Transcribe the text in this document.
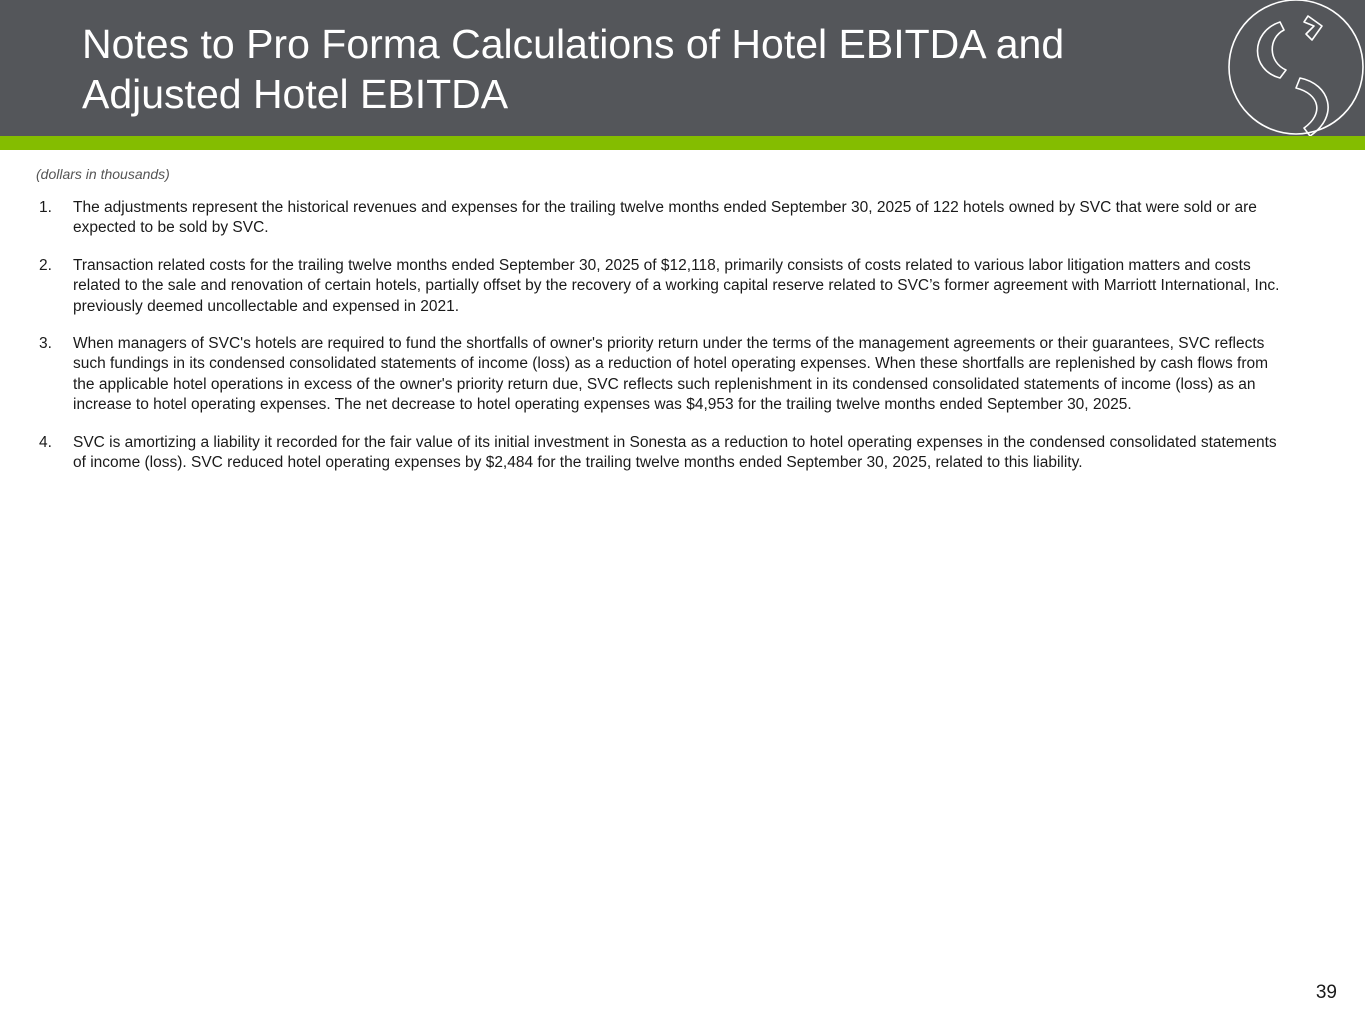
Notes to Pro Forma Calculations of Hotel EBITDA and
Adjusted Hotel EBITDA
(dollars in thousands)
1. The adjustments represent the historical revenues and expenses for the trailing twelve months ended September 30, 2025 of 122 hotels owned by SVC that were sold or are expected to be sold by SVC.
2. Transaction related costs for the trailing twelve months ended September 30, 2025 of $12,118, primarily consists of costs related to various labor litigation matters and costs related to the sale and renovation of certain hotels, partially offset by the recovery of a working capital reserve related to SVC’s former agreement with Marriott International, Inc. previously deemed uncollectable and expensed in 2021.
3. When managers of SVC's hotels are required to fund the shortfalls of owner's priority return under the terms of the management agreements or their guarantees, SVC reflects such fundings in its condensed consolidated statements of income (loss) as a reduction of hotel operating expenses. When these shortfalls are replenished by cash flows from the applicable hotel operations in excess of the owner's priority return due, SVC reflects such replenishment in its condensed consolidated statements of income (loss) as an increase to hotel operating expenses. The net decrease to hotel operating expenses was $4,953 for the trailing twelve months ended September 30, 2025.
4. SVC is amortizing a liability it recorded for the fair value of its initial investment in Sonesta as a reduction to hotel operating expenses in the condensed consolidated statements of income (loss). SVC reduced hotel operating expenses by $2,484 for the trailing twelve months ended September 30, 2025, related to this liability.
39
